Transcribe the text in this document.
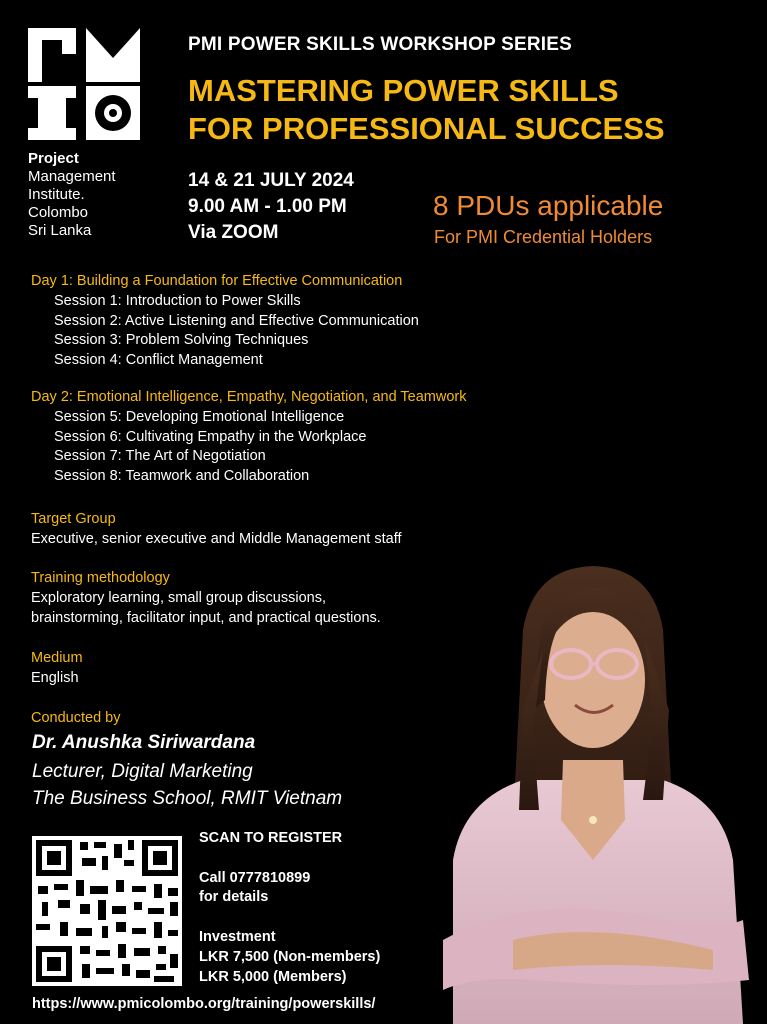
Project
Management
Institute.
Colombo
Sri Lanka
PMI POWER SKILLS WORKSHOP SERIES
MASTERING POWER SKILLS
FOR PROFESSIONAL SUCCESS
14 & 21 JULY 2024
9.00 AM - 1.00 PM
Via ZOOM
8 PDUs applicable
For PMI Credential Holders
Day 1: Building a Foundation for Effective Communication
Session 1: Introduction to Power Skills
Session 2: Active Listening and Effective Communication
Session 3: Problem Solving Techniques
Session 4: Conflict Management
Day 2: Emotional Intelligence, Empathy, Negotiation, and Teamwork
Session 5: Developing Emotional Intelligence
Session 6: Cultivating Empathy in the Workplace
Session 7: The Art of Negotiation
Session 8: Teamwork and Collaboration
Target Group
Executive, senior executive and Middle Management staff
Training methodology
Exploratory learning, small group discussions,
brainstorming, facilitator input, and practical questions.
Medium
English
Conducted by
Dr. Anushka Siriwardana
Lecturer, Digital Marketing
The Business School, RMIT Vietnam
SCAN TO REGISTER
Call 0777810899
for details
Investment
LKR 7,500 (Non-members)
LKR 5,000 (Members)
https://www.pmicolombo.org/training/powerskills/
